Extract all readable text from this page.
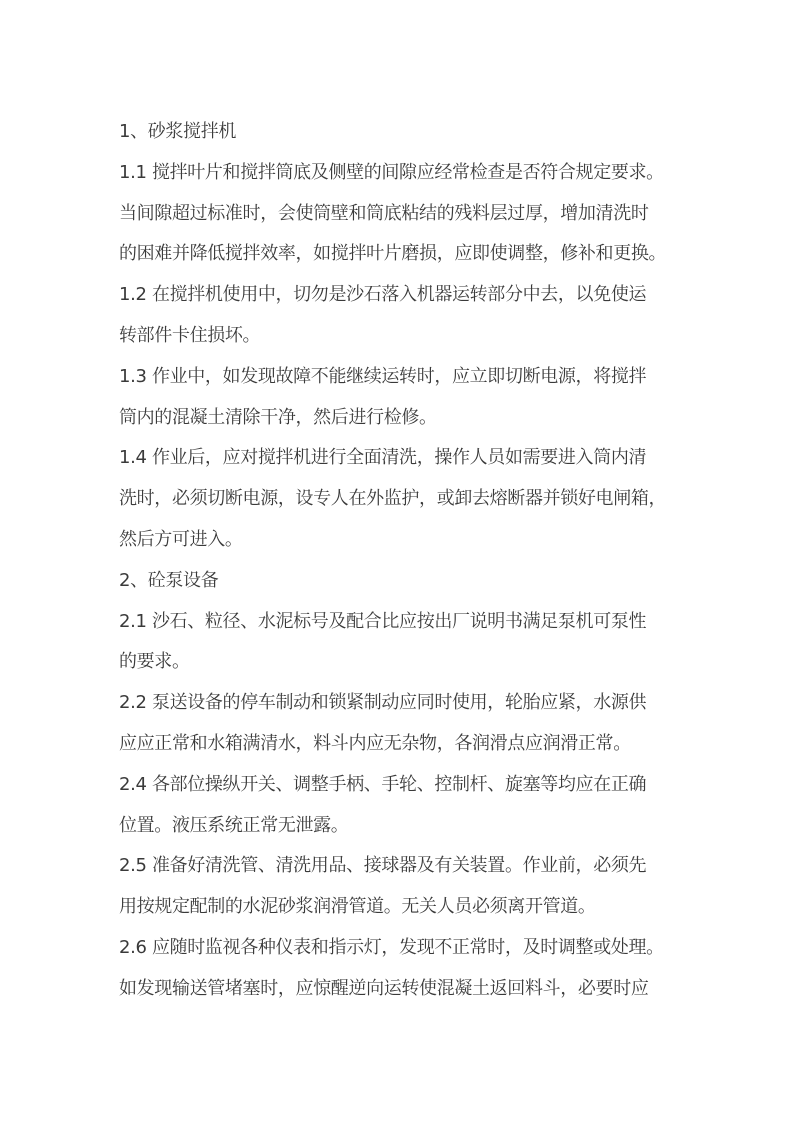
1、砂浆搅拌机
1.1 搅拌叶片和搅拌筒底及侧壁的间隙应经常检查是否符合规定要求。
当间隙超过标准时，会使筒壁和筒底粘结的残料层过厚，增加清洗时
的困难并降低搅拌效率，如搅拌叶片磨损，应即使调整，修补和更换。
1.2 在搅拌机使用中，切勿是沙石落入机器运转部分中去，以免使运
转部件卡住损坏。
1.3 作业中，如发现故障不能继续运转时，应立即切断电源，将搅拌
筒内的混凝土清除干净，然后进行检修。
1.4 作业后，应对搅拌机进行全面清洗，操作人员如需要进入筒内清
洗时，必须切断电源，设专人在外监护，或卸去熔断器并锁好电闸箱，
然后方可进入。
2、砼泵设备
2.1 沙石、粒径、水泥标号及配合比应按出厂说明书满足泵机可泵性
的要求。
2.2 泵送设备的停车制动和锁紧制动应同时使用，轮胎应紧，水源供
应应正常和水箱满清水，料斗内应无杂物，各润滑点应润滑正常。
2.4 各部位操纵开关、调整手柄、手轮、控制杆、旋塞等均应在正确
位置。液压系统正常无泄露。
2.5 准备好清洗管、清洗用品、接球器及有关装置。作业前，必须先
用按规定配制的水泥砂浆润滑管道。无关人员必须离开管道。
2.6 应随时监视各种仪表和指示灯，发现不正常时，及时调整或处理。
如发现输送管堵塞时，应惊醒逆向运转使混凝土返回料斗，必要时应
